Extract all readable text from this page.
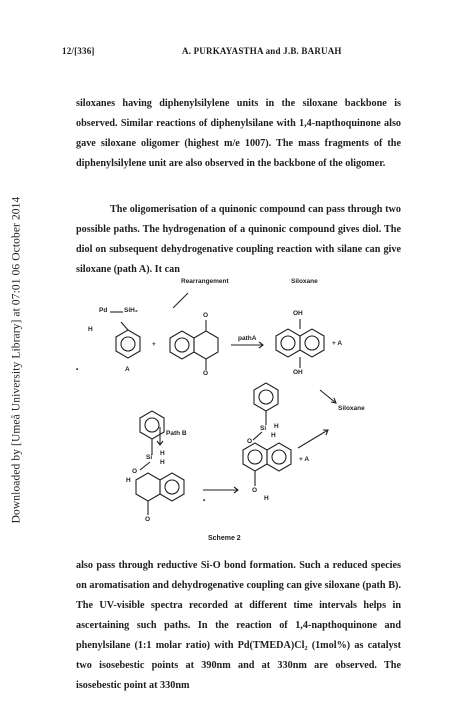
Downloaded by [Umeå University Library] at 07:01 06 October 2014
12/[336]	A. PURKAYASTHA and J.B. BARUAH

siloxanes having diphenylsilylene units in the siloxane backbone is observed. Similar reactions of diphenylsilane with 1,4-napthoquinone also gave siloxane oligomer (highest m/e 1007). The mass fragments of the diphenylsilylene unit are also observed in the backbone of the oligomer.

The oligomerisation of a quinonic compound can pass through two possible paths. The hydrogenation of a quinonic compound gives diol. The diol on subsequent dehydrogenative coupling reaction with silane can give siloxane (path A). It can

Rearrangement	Siloxane
Pd	SiH₂
H
+
A
•
O
O
pathA
OH
OH
+ A
Siloxane
Path B
Si
H
H
O
H
O
•
Si H
H
O
+ A
O
H
Scheme 2

also pass through reductive Si-O bond formation. Such a reduced species on aromatisation and dehydrogenative coupling can give siloxane (path B). The UV-visible spectra recorded at different time intervals helps in ascertaining such paths. In the reaction of 1,4-napthoquinone and phenylsilane (1:1 molar ratio) with Pd(TMEDA)Cl₂ (1mol%) as catalyst two isosebestic points at 390nm and at 330nm are observed. The isosebestic point at 330nm
